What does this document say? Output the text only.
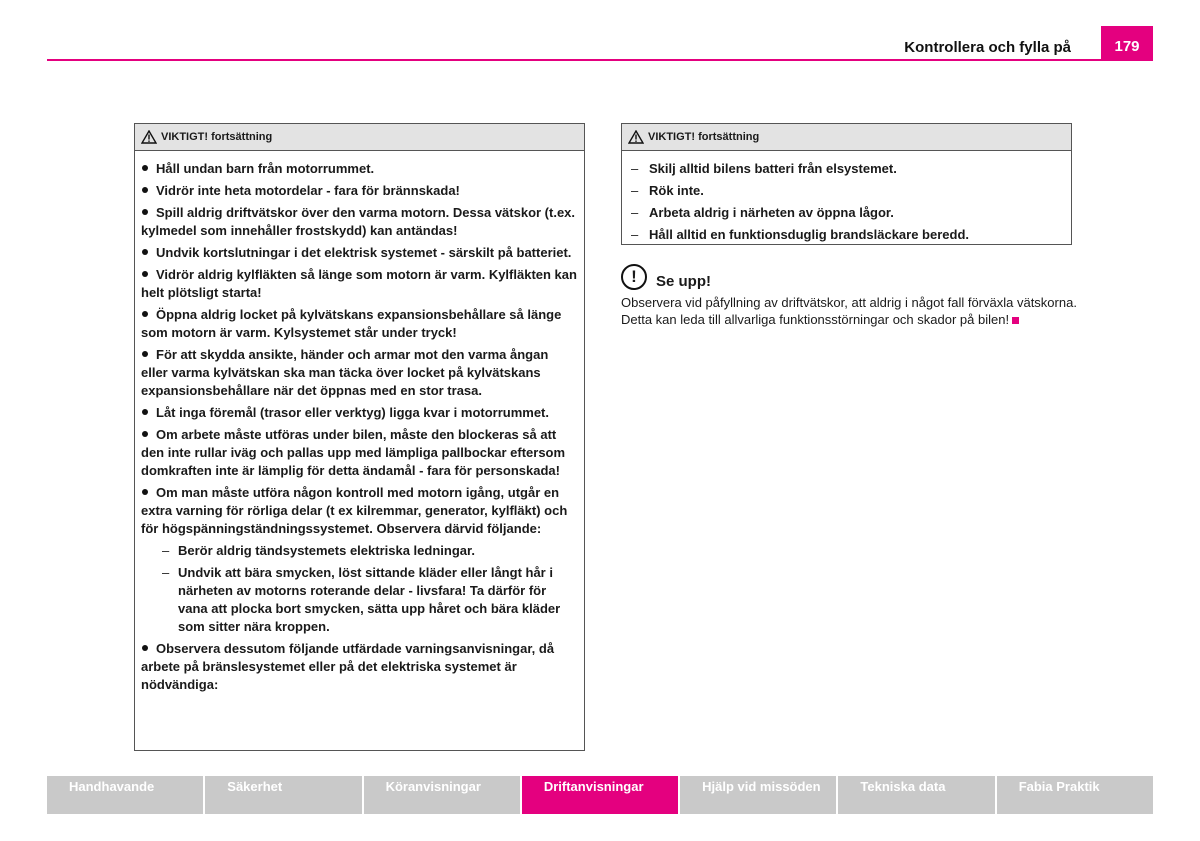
Kontrollera och fylla på	179
VIKTIGT! fortsättning
Håll undan barn från motorrummet.
Vidrör inte heta motordelar - fara för brännskada!
Spill aldrig driftvätskor över den varma motorn. Dessa vätskor (t.ex. kylmedel som innehåller frostskydd) kan antändas!
Undvik kortslutningar i det elektrisk systemet - särskilt på batteriet.
Vidrör aldrig kylfläkten så länge som motorn är varm. Kylfläkten kan helt plötsligt starta!
Öppna aldrig locket på kylvätskans expansionsbehållare så länge som motorn är varm. Kylsystemet står under tryck!
För att skydda ansikte, händer och armar mot den varma ångan eller varma kylvätskan ska man täcka över locket på kylvätskans expansionsbehållare när det öppnas med en stor trasa.
Låt inga föremål (trasor eller verktyg) ligga kvar i motorrummet.
Om arbete måste utföras under bilen, måste den blockeras så att den inte rullar iväg och pallas upp med lämpliga pallbockar eftersom domkraften inte är lämplig för detta ändamål - fara för personskada!
Om man måste utföra någon kontroll med motorn igång, utgår en extra varning för rörliga delar (t ex kilremmar, generator, kylfläkt) och för högspänningständningssystemet. Observera därvid följande:
– Berör aldrig tändsystemets elektriska ledningar.
– Undvik att bära smycken, löst sittande kläder eller långt hår i närheten av motorns roterande delar - livsfara! Ta därför för vana att plocka bort smycken, sätta upp håret och bära kläder som sitter nära kroppen.
Observera dessutom följande utfärdade varningsanvisningar, då arbete på bränslesystemet eller på det elektriska systemet är nödvändiga:
VIKTIGT! fortsättning
– Skilj alltid bilens batteri från elsystemet.
– Rök inte.
– Arbeta aldrig i närheten av öppna lågor.
– Håll alltid en funktionsduglig brandsläckare beredd.
!	Se upp!
Observera vid påfyllning av driftvätskor, att aldrig i något fall förväxla vätskorna. Detta kan leda till allvarliga funktionsstörningar och skador på bilen!
Handhavande	Säkerhet	Köranvisningar	Driftanvisningar	Hjälp vid missöden	Tekniska data	Fabia Praktik
